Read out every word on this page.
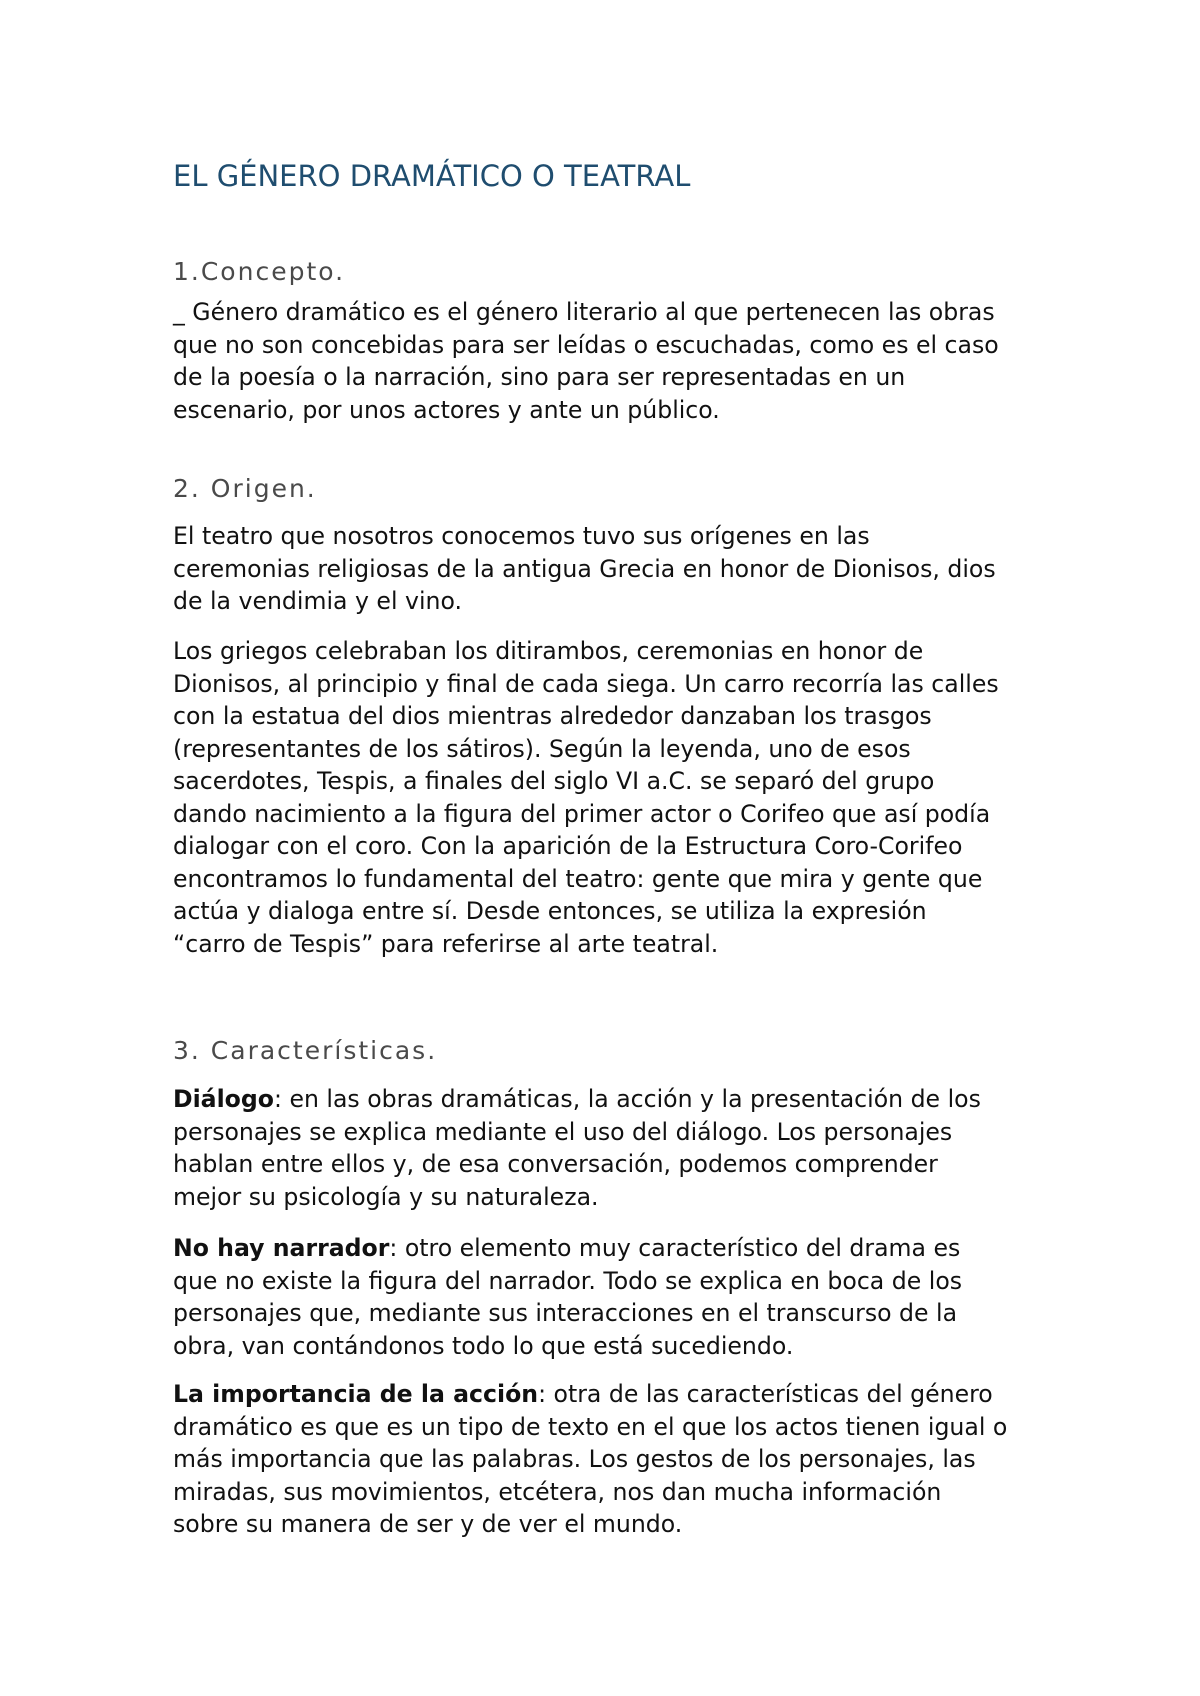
EL GÉNERO DRAMÁTICO O TEATRAL
1.Concepto.

_ Género dramático es el género literario al que pertenecen las obras
que no son concebidas para ser leídas o escuchadas, como es el caso
de la poesía o la narración, sino para ser representadas en un
escenario, por unos actores y ante un público.

2. Origen.

El teatro que nosotros conocemos tuvo sus orígenes en las
ceremonias religiosas de la antigua Grecia en honor de Dionisos, dios
de la vendimia y el vino.

Los griegos celebraban los ditirambos, ceremonias en honor de
Dionisos, al principio y final de cada siega. Un carro recorría las calles
con la estatua del dios mientras alrededor danzaban los trasgos
(representantes de los sátiros). Según la leyenda, uno de esos
sacerdotes, Tespis, a finales del siglo VI a.C. se separó del grupo
dando nacimiento a la figura del primer actor o Corifeo que así podía
dialogar con el coro. Con la aparición de la Estructura Coro-Corifeo
encontramos lo fundamental del teatro: gente que mira y gente que
actúa y dialoga entre sí. Desde entonces, se utiliza la expresión
“carro de Tespis” para referirse al arte teatral.

3. Características.

Diálogo: en las obras dramáticas, la acción y la presentación de los
personajes se explica mediante el uso del diálogo. Los personajes
hablan entre ellos y, de esa conversación, podemos comprender
mejor su psicología y su naturaleza.

No hay narrador: otro elemento muy característico del drama es
que no existe la figura del narrador. Todo se explica en boca de los
personajes que, mediante sus interacciones en el transcurso de la
obra, van contándonos todo lo que está sucediendo.

La importancia de la acción: otra de las características del género
dramático es que es un tipo de texto en el que los actos tienen igual o
más importancia que las palabras. Los gestos de los personajes, las
miradas, sus movimientos, etcétera, nos dan mucha información
sobre su manera de ser y de ver el mundo.
